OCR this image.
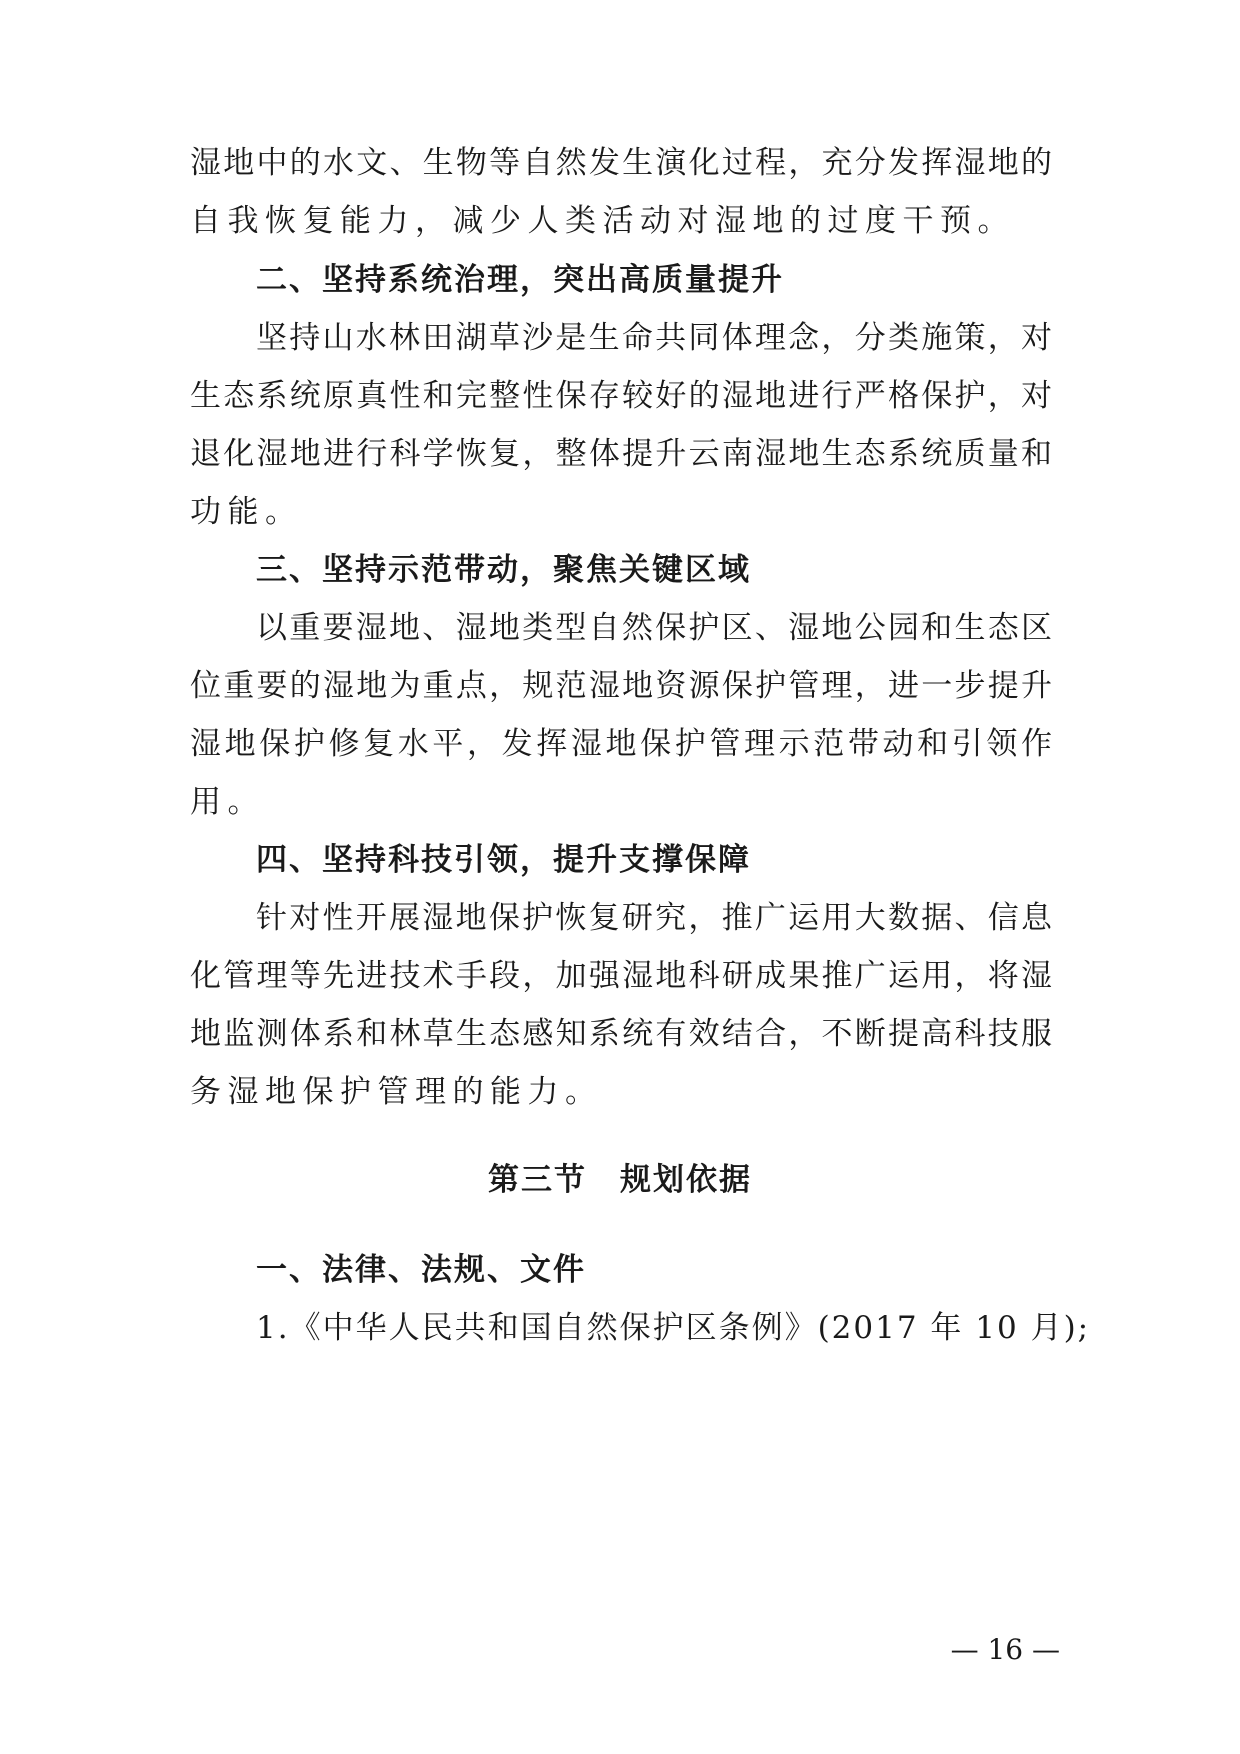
湿地中的水文、生物等自然发生演化过程，充分发挥湿地的
自我恢复能力，减少人类活动对湿地的过度干预。
二、坚持系统治理，突出高质量提升
坚持山水林田湖草沙是生命共同体理念，分类施策，对
生态系统原真性和完整性保存较好的湿地进行严格保护，对
退化湿地进行科学恢复，整体提升云南湿地生态系统质量和
功能。
三、坚持示范带动，聚焦关键区域
以重要湿地、湿地类型自然保护区、湿地公园和生态区
位重要的湿地为重点，规范湿地资源保护管理，进一步提升
湿地保护修复水平，发挥湿地保护管理示范带动和引领作
用。
四、坚持科技引领，提升支撑保障
针对性开展湿地保护恢复研究，推广运用大数据、信息
化管理等先进技术手段，加强湿地科研成果推广运用，将湿
地监测体系和林草生态感知系统有效结合，不断提高科技服
务湿地保护管理的能力。
第三节　规划依据
一、法律、法规、文件
1.《中华人民共和国自然保护区条例》(2017 年 10 月);
— 16 —
